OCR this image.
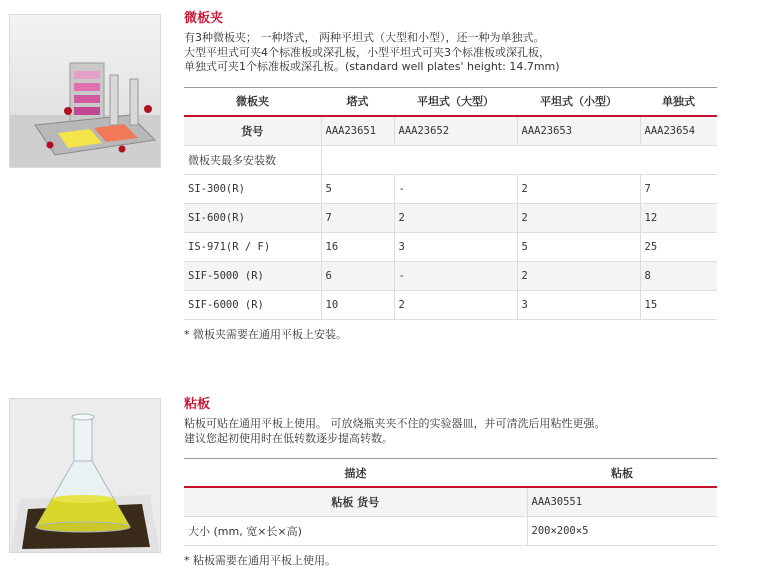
微板夹

有3种微板夹； 一种塔式， 两种平坦式（大型和小型），还一种为单独式。
大型平坦式可夹4个标准板或深孔板，小型平坦式可夹3个标准板或深孔板，
单独式可夹1个标准板或深孔板。(standard well plates' height: 14.7mm)

微板夹	塔式	平坦式（大型）	平坦式（小型）	单独式
货号	AAA23651	AAA23652	AAA23653	AAA23654
微板夹最多安装数				
SI-300(R)	5	-	2	7
SI-600(R)	7	2	2	12
IS-971(R / F)	16	3	5	25
SIF-5000 (R)	6	-	2	8
SIF-6000 (R)	10	2	3	15

* 微板夹需要在通用平板上安装。

粘板

粘板可贴在通用平板上使用。 可放烧瓶夹夹不住的实验器皿，并可清洗后用粘性更强。
建议您起初使用时在低转数逐步提高转数。

描述	粘板
粘板 货号	AAA30551
大小 (mm, 宽×长×高)	200×200×5

* 粘板需要在通用平板上使用。
